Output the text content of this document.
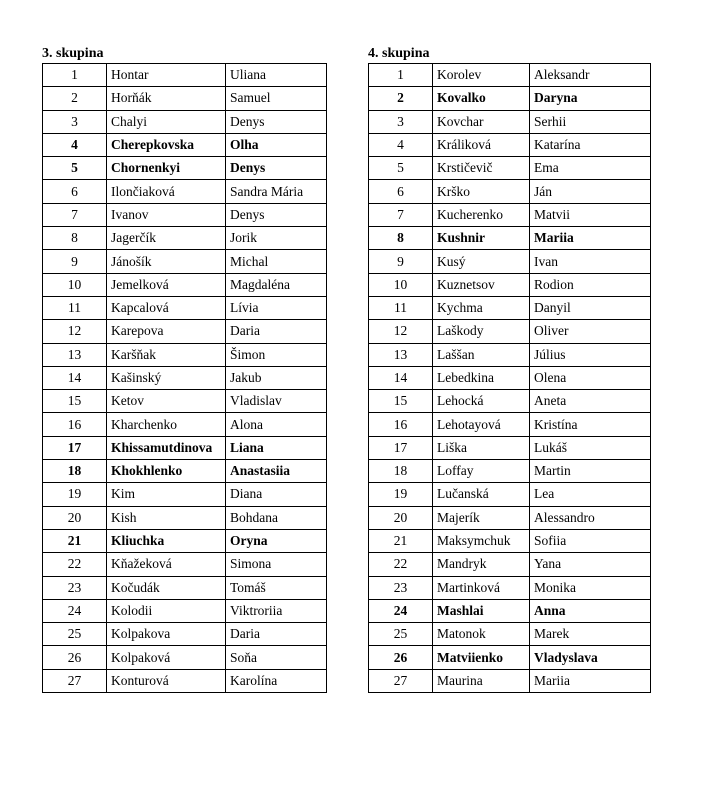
3. skupina
1	Hontar	Uliana
2	Horňák	Samuel
3	Chalyi	Denys
4	Cherepkovska	Olha
5	Chornenkyi	Denys
6	Ilončiaková	Sandra Mária
7	Ivanov	Denys
8	Jagerčík	Jorik
9	Jánošík	Michal
10	Jemelková	Magdaléna
11	Kapcalová	Lívia
12	Karepova	Daria
13	Karšňak	Šimon
14	Kašinský	Jakub
15	Ketov	Vladislav
16	Kharchenko	Alona
17	Khissamutdinova	Liana
18	Khokhlenko	Anastasiia
19	Kim	Diana
20	Kish	Bohdana
21	Kliuchka	Oryna
22	Kňažeková	Simona
23	Kočudák	Tomáš
24	Kolodii	Viktroriia
25	Kolpakova	Daria
26	Kolpaková	Soňa
27	Konturová	Karolína
4. skupina
1	Korolev	Aleksandr
2	Kovalko	Daryna
3	Kovchar	Serhii
4	Králiková	Katarína
5	Krstičevič	Ema
6	Krško	Ján
7	Kucherenko	Matvii
8	Kushnir	Mariia
9	Kusý	Ivan
10	Kuznetsov	Rodion
11	Kychma	Danyil
12	Laškody	Oliver
13	Laššan	Július
14	Lebedkina	Olena
15	Lehocká	Aneta
16	Lehotayová	Kristína
17	Liška	Lukáš
18	Loffay	Martin
19	Lučanská	Lea
20	Majerík	Alessandro
21	Maksymchuk	Sofiia
22	Mandryk	Yana
23	Martinková	Monika
24	Mashlai	Anna
25	Matonok	Marek
26	Matviienko	Vladyslava
27	Maurina	Mariia
